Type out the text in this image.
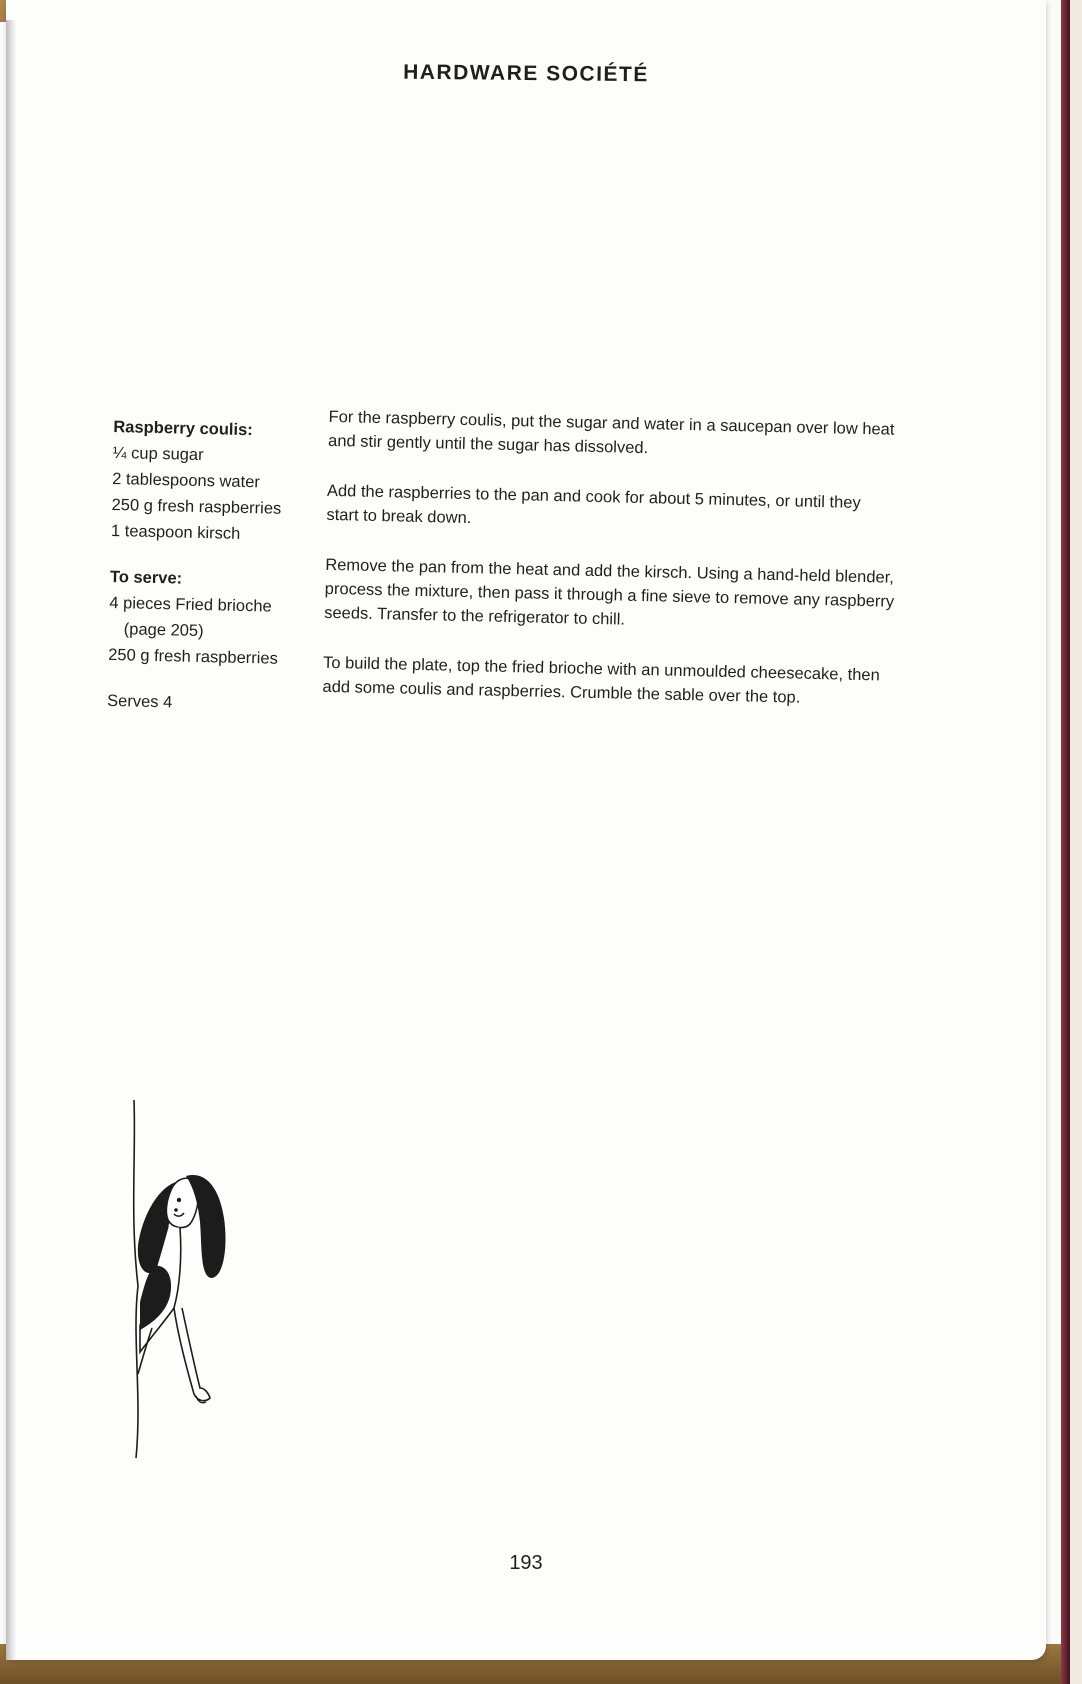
HARDWARE SOCIÉTÉ
Raspberry coulis:
¼ cup sugar
2 tablespoons water
250 g fresh raspberries
1 teaspoon kirsch
To serve:
4 pieces Fried brioche
(page 205)
250 g fresh raspberries
Serves 4

For the raspberry coulis, put the sugar and water in a saucepan over low heat and stir gently until the sugar has dissolved.

Add the raspberries to the pan and cook for about 5 minutes, or until they start to break down.

Remove the pan from the heat and add the kirsch. Using a hand-held blender, process the mixture, then pass it through a fine sieve to remove any raspberry seeds. Transfer to the refrigerator to chill.

To build the plate, top the fried brioche with an unmoulded cheesecake, then add some coulis and raspberries. Crumble the sable over the top.

193
